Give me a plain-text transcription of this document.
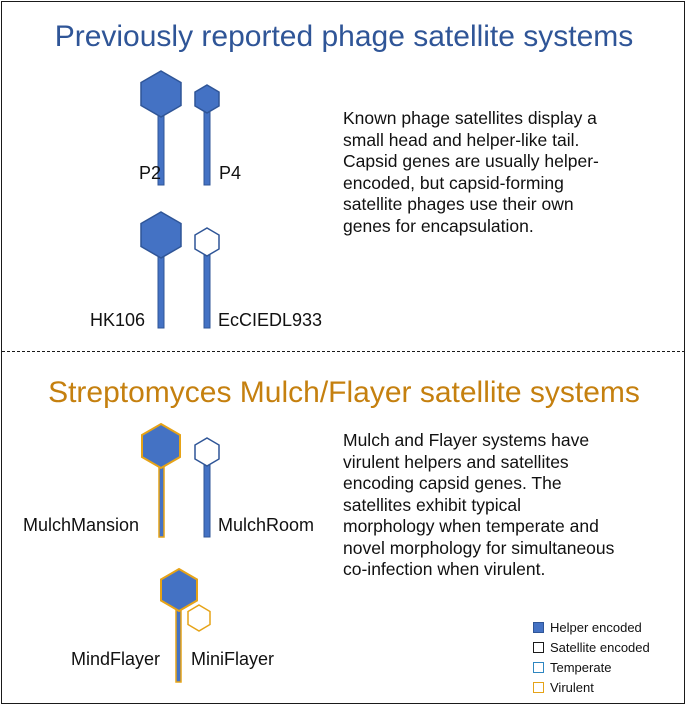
Previously reported phage satellite systems
Streptomyces Mulch/Flayer satellite systems
Known phage satellites display a
small head and helper-like tail.
Capsid genes are usually helper-
encoded, but capsid-forming
satellite phages use their own
genes for encapsulation.
Mulch and Flayer systems have
virulent helpers and satellites
encoding capsid genes. The
satellites exhibit typical
morphology when temperate and
novel morphology for simultaneous
co-infection when virulent.
P2	P4
HK106	EcCIEDL933
MulchMansion	MulchRoom
MindFlayer MiniFlayer
Helper encoded
Satellite encoded
Temperate
Virulent
